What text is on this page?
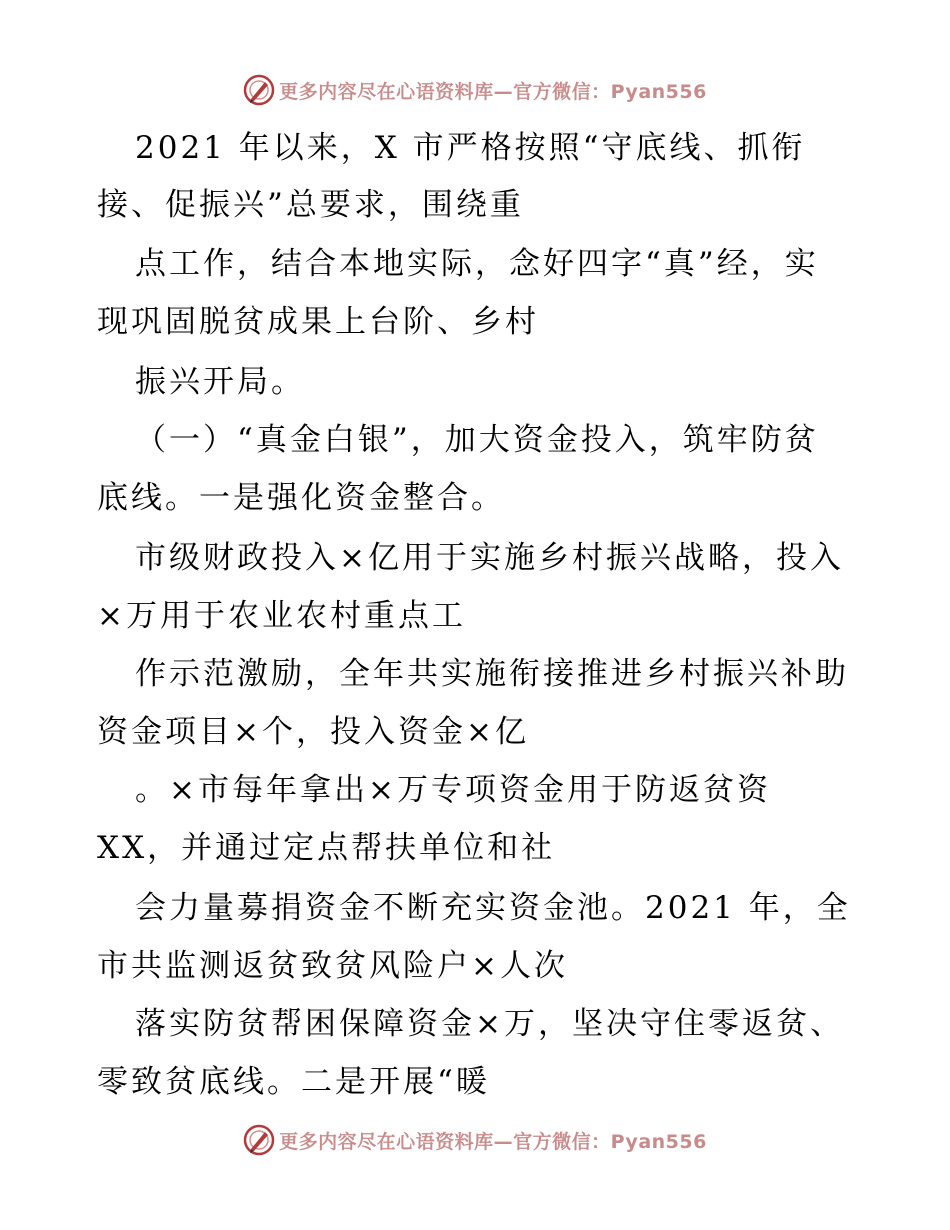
更多内容尽在心语资料库—官方微信：Pyan556
2021 年以来，X 市严格按照“守底线、抓衔
接、促振兴”总要求，围绕重
点工作，结合本地实际，念好四字“真”经，实
现巩固脱贫成果上台阶、乡村
振兴开局。
（一）“真金白银”，加大资金投入，筑牢防贫
底线。一是强化资金整合。
市级财政投入×亿用于实施乡村振兴战略，投入
×万用于农业农村重点工
作示范激励，全年共实施衔接推进乡村振兴补助
资金项目×个，投入资金×亿
。×市每年拿出×万专项资金用于防返贫资
XX，并通过定点帮扶单位和社
会力量募捐资金不断充实资金池。2021 年，全
市共监测返贫致贫风险户×人次
落实防贫帮困保障资金×万，坚决守住零返贫、
零致贫底线。二是开展“暖
更多内容尽在心语资料库—官方微信：Pyan556
